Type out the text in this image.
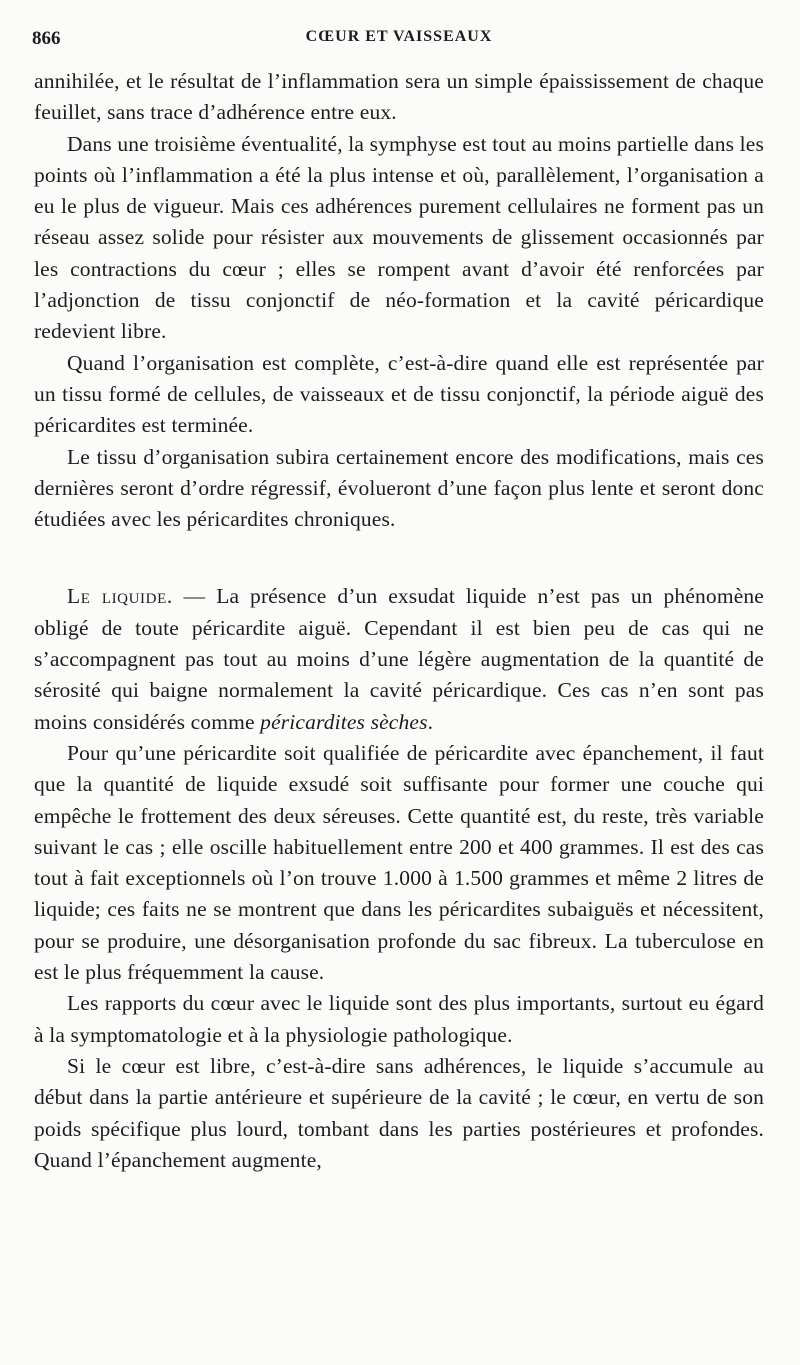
866	CŒUR ET VAISSEAUX

annihilée, et le résultat de l’inflammation sera un simple épaississement de chaque feuillet, sans trace d’adhérence entre eux.

Dans une troisième éventualité, la symphyse est tout au moins partielle dans les points où l’inflammation a été la plus intense et où, parallèlement, l’organisation a eu le plus de vigueur. Mais ces adhérences purement cellulaires ne forment pas un réseau assez solide pour résister aux mouvements de glissement occasionnés par les contractions du cœur ; elles se rompent avant d’avoir été renforcées par l’adjonction de tissu conjonctif de néo-formation et la cavité péricardique redevient libre.

Quand l’organisation est complète, c’est-à-dire quand elle est représentée par un tissu formé de cellules, de vaisseaux et de tissu conjonctif, la période aiguë des péricardites est terminée.

Le tissu d’organisation subira certainement encore des modifications, mais ces dernières seront d’ordre régressif, évolueront d’une façon plus lente et seront donc étudiées avec les péricardites chroniques.

Le liquide. — La présence d’un exsudat liquide n’est pas un phénomène obligé de toute péricardite aiguë. Cependant il est bien peu de cas qui ne s’accompagnent pas tout au moins d’une légère augmentation de la quantité de sérosité qui baigne normalement la cavité péricardique. Ces cas n’en sont pas moins considérés comme péricardites sèches.

Pour qu’une péricardite soit qualifiée de péricardite avec épanchement, il faut que la quantité de liquide exsudé soit suffisante pour former une couche qui empêche le frottement des deux séreuses. Cette quantité est, du reste, très variable suivant le cas ; elle oscille habituellement entre 200 et 400 grammes. Il est des cas tout à fait exceptionnels où l’on trouve 1.000 à 1.500 grammes et même 2 litres de liquide; ces faits ne se montrent que dans les péricardites subaiguës et nécessitent, pour se produire, une désorganisation profonde du sac fibreux. La tuberculose en est le plus fréquemment la cause.

Les rapports du cœur avec le liquide sont des plus importants, surtout eu égard à la symptomatologie et à la physiologie pathologique.

Si le cœur est libre, c’est-à-dire sans adhérences, le liquide s’accumule au début dans la partie antérieure et supérieure de la cavité ; le cœur, en vertu de son poids spécifique plus lourd, tombant dans les parties postérieures et profondes. Quand l’épanchement augmente,
